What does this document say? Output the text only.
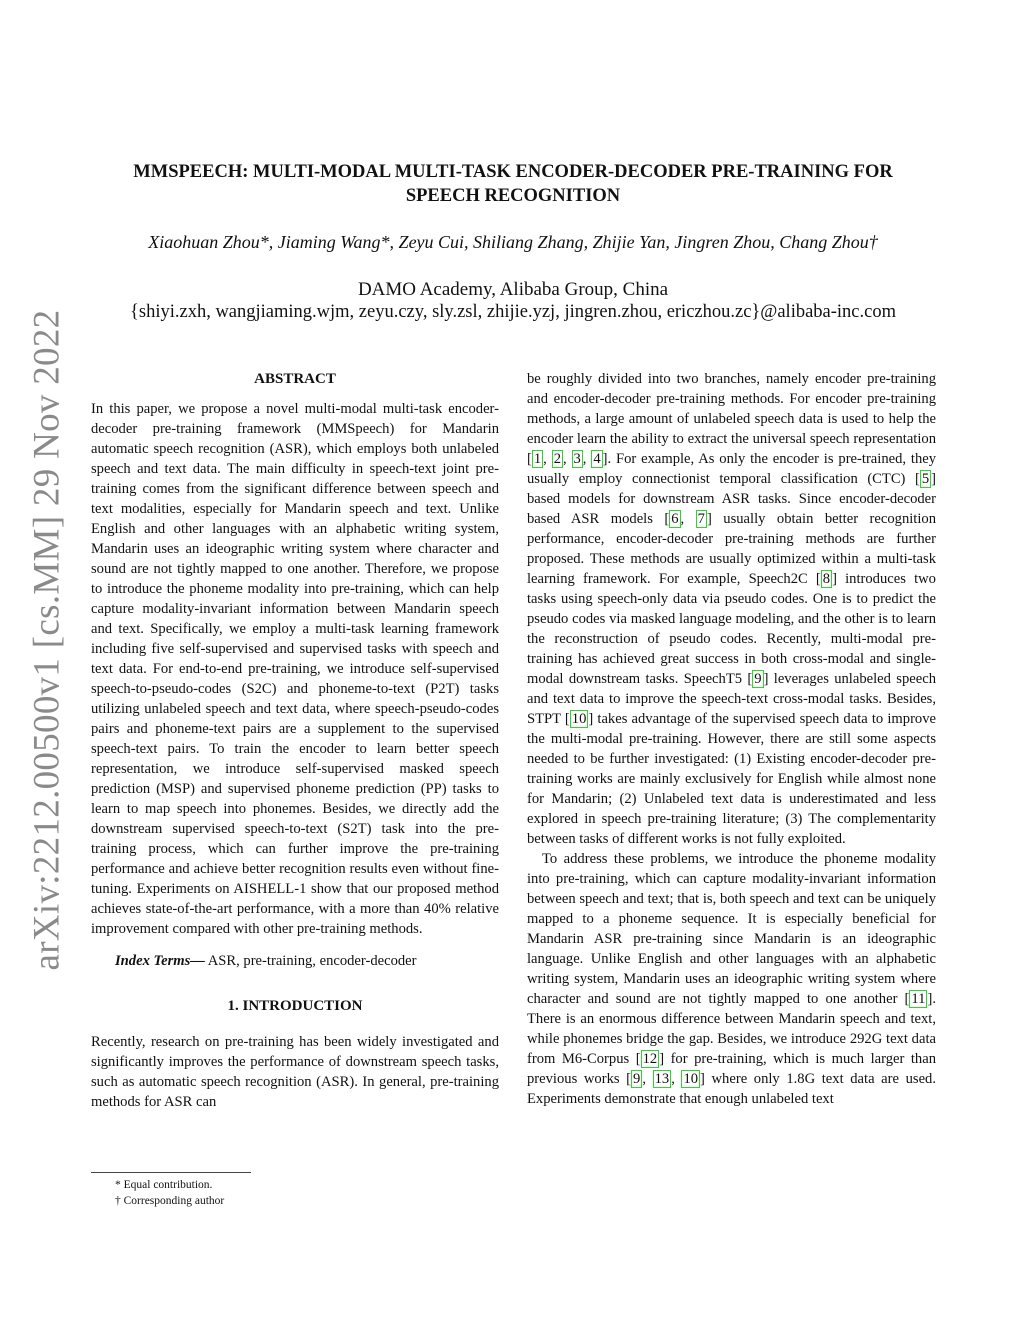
arXiv:2212.00500v1 [cs.MM] 29 Nov 2022
MMSPEECH: MULTI-MODAL MULTI-TASK ENCODER-DECODER PRE-TRAINING FOR
SPEECH RECOGNITION
Xiaohuan Zhou*, Jiaming Wang*, Zeyu Cui, Shiliang Zhang, Zhijie Yan, Jingren Zhou, Chang Zhou†
DAMO Academy, Alibaba Group, China
{shiyi.zxh, wangjiaming.wjm, zeyu.czy, sly.zsl, zhijie.yzj, jingren.zhou, ericzhou.zc}@alibaba-inc.com

ABSTRACT

In this paper, we propose a novel multi-modal multi-task encoder-decoder pre-training framework (MMSpeech) for Mandarin automatic speech recognition (ASR), which employs both unlabeled speech and text data. The main difficulty in speech-text joint pre-training comes from the significant difference between speech and text modalities, especially for Mandarin speech and text. Unlike English and other languages with an alphabetic writing system, Mandarin uses an ideographic writing system where character and sound are not tightly mapped to one another. Therefore, we propose to introduce the phoneme modality into pre-training, which can help capture modality-invariant information between Mandarin speech and text. Specifically, we employ a multi-task learning framework including five self-supervised and supervised tasks with speech and text data. For end-to-end pre-training, we introduce self-supervised speech-to-pseudo-codes (S2C) and phoneme-to-text (P2T) tasks utilizing unlabeled speech and text data, where speech-pseudo-codes pairs and phoneme-text pairs are a supplement to the supervised speech-text pairs. To train the encoder to learn better speech representation, we introduce self-supervised masked speech prediction (MSP) and supervised phoneme prediction (PP) tasks to learn to map speech into phonemes. Besides, we directly add the downstream supervised speech-to-text (S2T) task into the pre-training process, which can further improve the pre-training performance and achieve better recognition results even without fine-tuning. Experiments on AISHELL-1 show that our proposed method achieves state-of-the-art performance, with a more than 40% relative improvement compared with other pre-training methods.

Index Terms— ASR, pre-training, encoder-decoder

1. INTRODUCTION

Recently, research on pre-training has been widely investigated and significantly improves the performance of downstream speech tasks, such as automatic speech recognition (ASR). In general, pre-training methods for ASR can

* Equal contribution.
† Corresponding author

be roughly divided into two branches, namely encoder pre-training and encoder-decoder pre-training methods. For encoder pre-training methods, a large amount of unlabeled speech data is used to help the encoder learn the ability to extract the universal speech representation [ 1 , 2 , 3 , 4 ]. For example, As only the encoder is pre-trained, they usually employ connectionist temporal classification (CTC) [ 5 ] based models for downstream ASR tasks. Since encoder-decoder based ASR models [ 6 , 7 ] usually obtain better recognition performance, encoder-decoder pre-training methods are further proposed. These methods are usually optimized within a multi-task learning framework. For example, Speech2C [ 8 ] introduces two tasks using speech-only data via pseudo codes. One is to predict the pseudo codes via masked language modeling, and the other is to learn the reconstruction of pseudo codes. Recently, multi-modal pre-training has achieved great success in both cross-modal and single-modal downstream tasks. SpeechT5 [ 9 ] leverages unlabeled speech and text data to improve the speech-text cross-modal tasks. Besides, STPT [ 10 ] takes advantage of the supervised speech data to improve the multi-modal pre-training. However, there are still some aspects needed to be further investigated: (1) Existing encoder-decoder pre-training works are mainly exclusively for English while almost none for Mandarin; (2) Unlabeled text data is underestimated and less explored in speech pre-training literature; (3) The complementarity between tasks of different works is not fully exploited.

To address these problems, we introduce the phoneme modality into pre-training, which can capture modality-invariant information between speech and text; that is, both speech and text can be uniquely mapped to a phoneme sequence. It is especially beneficial for Mandarin ASR pre-training since Mandarin is an ideographic language. Unlike English and other languages with an alphabetic writing system, Mandarin uses an ideographic writing system where character and sound are not tightly mapped to one another [ 11 ]. There is an enormous difference between Mandarin speech and text, while phonemes bridge the gap. Besides, we introduce 292G text data from M6-Corpus [ 12 ] for pre-training, which is much larger than previous works [ 9 , 13 , 10 ] where only 1.8G text data are used. Experiments demonstrate that enough unlabeled text
